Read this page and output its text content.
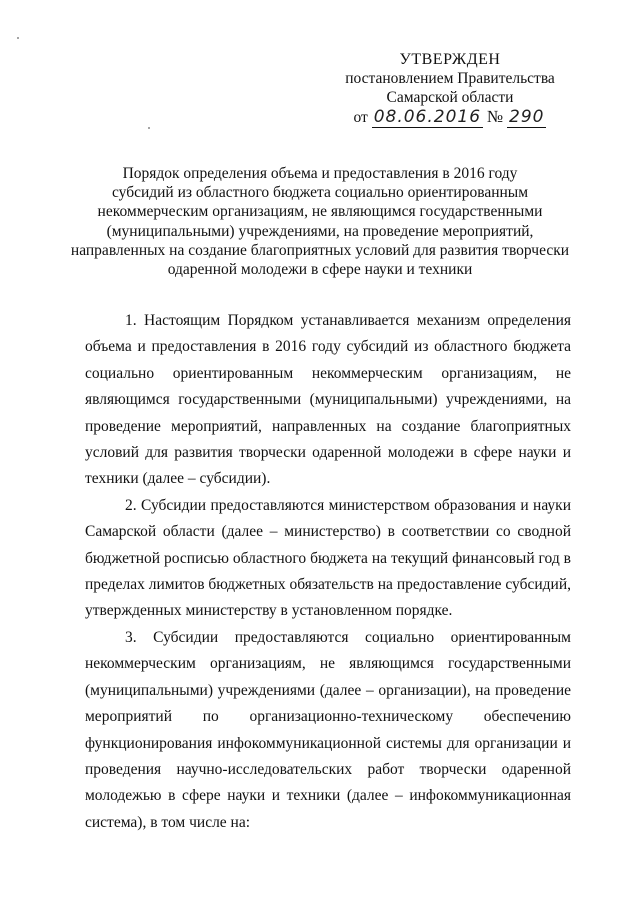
УТВЕРЖДЕН
постановлением Правительства
Самарской области
от 08.06.2016 № 290
Порядок определения объема и предоставления в 2016 году
субсидий из областного бюджета социально ориентированным
некоммерческим организациям, не являющимся государственными
(муниципальными) учреждениями, на проведение мероприятий,
направленных на создание благоприятных условий для развития творчески
одаренной молодежи в сфере науки и техники

1. Настоящим Порядком устанавливается механизм определения объема и предоставления в 2016 году субсидий из областного бюджета социально ориентированным некоммерческим организациям, не являющимся государственными (муниципальными) учреждениями, на проведение мероприятий, направленных на создание благоприятных условий для развития творчески одаренной молодежи в сфере науки и техники (далее – субсидии).

2. Субсидии предоставляются министерством образования и науки Самарской области (далее – министерство) в соответствии со сводной бюджетной росписью областного бюджета на текущий финансовый год в пределах лимитов бюджетных обязательств на предоставление субсидий, утвержденных министерству в установленном порядке.

3. Субсидии предоставляются социально ориентированным некоммерческим организациям, не являющимся государственными (муниципальными) учреждениями (далее – организации), на проведение мероприятий по организационно-техническому обеспечению функционирования инфокоммуникационной системы для организации и проведения научно-исследовательских работ творчески одаренной молодежью в сфере науки и техники (далее – инфокоммуникационная система), в том числе на:
